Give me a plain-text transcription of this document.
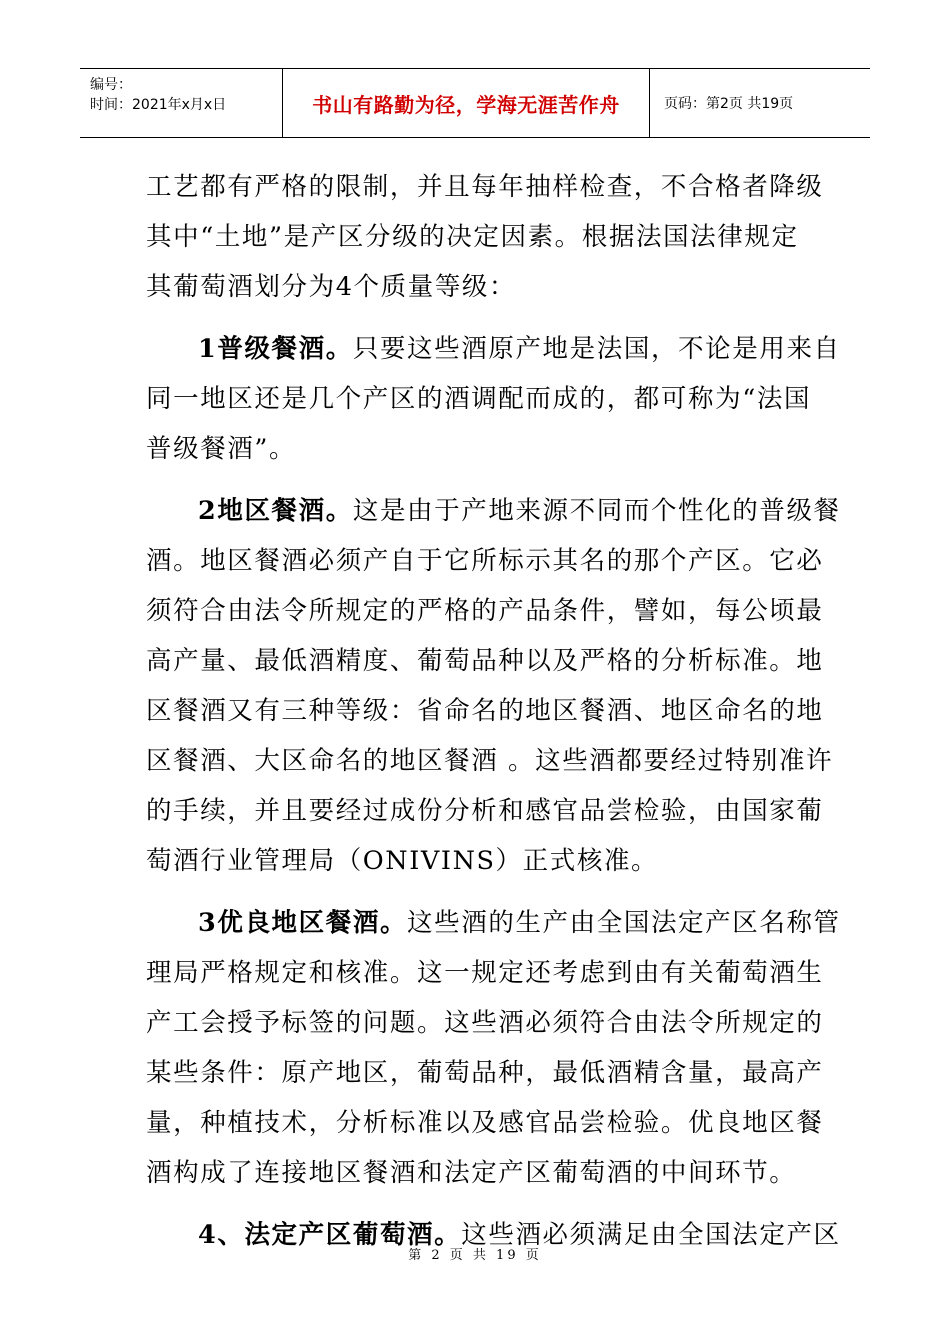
编号：
时间：2021年x月x日	书山有路勤为径，学海无涯苦作舟	页码：第2页 共19页
工艺都有严格的限制，并且每年抽样检查，不合格者降级
其中“土地”是产区分级的决定因素。根据法国法律规定
其葡萄酒划分为4个质量等级：
1普级餐酒。只要这些酒原产地是法国，不论是用来自
同一地区还是几个产区的酒调配而成的，都可称为“法国
普级餐酒”。
2地区餐酒。这是由于产地来源不同而个性化的普级餐
酒。地区餐酒必须产自于它所标示其名的那个产区。它必
须符合由法令所规定的严格的产品条件，譬如，每公顷最
高产量、最低酒精度、葡萄品种以及严格的分析标准。地
区餐酒又有三种等级：省命名的地区餐酒、地区命名的地
区餐酒、大区命名的地区餐酒 。这些酒都要经过特别准许
的手续，并且要经过成份分析和感官品尝检验，由国家葡
萄酒行业管理局（ONIVINS）正式核准。
3优良地区餐酒。这些酒的生产由全国法定产区名称管
理局严格规定和核准。这一规定还考虑到由有关葡萄酒生
产工会授予标签的问题。这些酒必须符合由法令所规定的
某些条件：原产地区，葡萄品种，最低酒精含量，最高产
量，种植技术，分析标准以及感官品尝检验。优良地区餐
酒构成了连接地区餐酒和法定产区葡萄酒的中间环节。
4、法定产区葡萄酒。这些酒必须满足由全国法定产区
第 2 页 共 19 页
